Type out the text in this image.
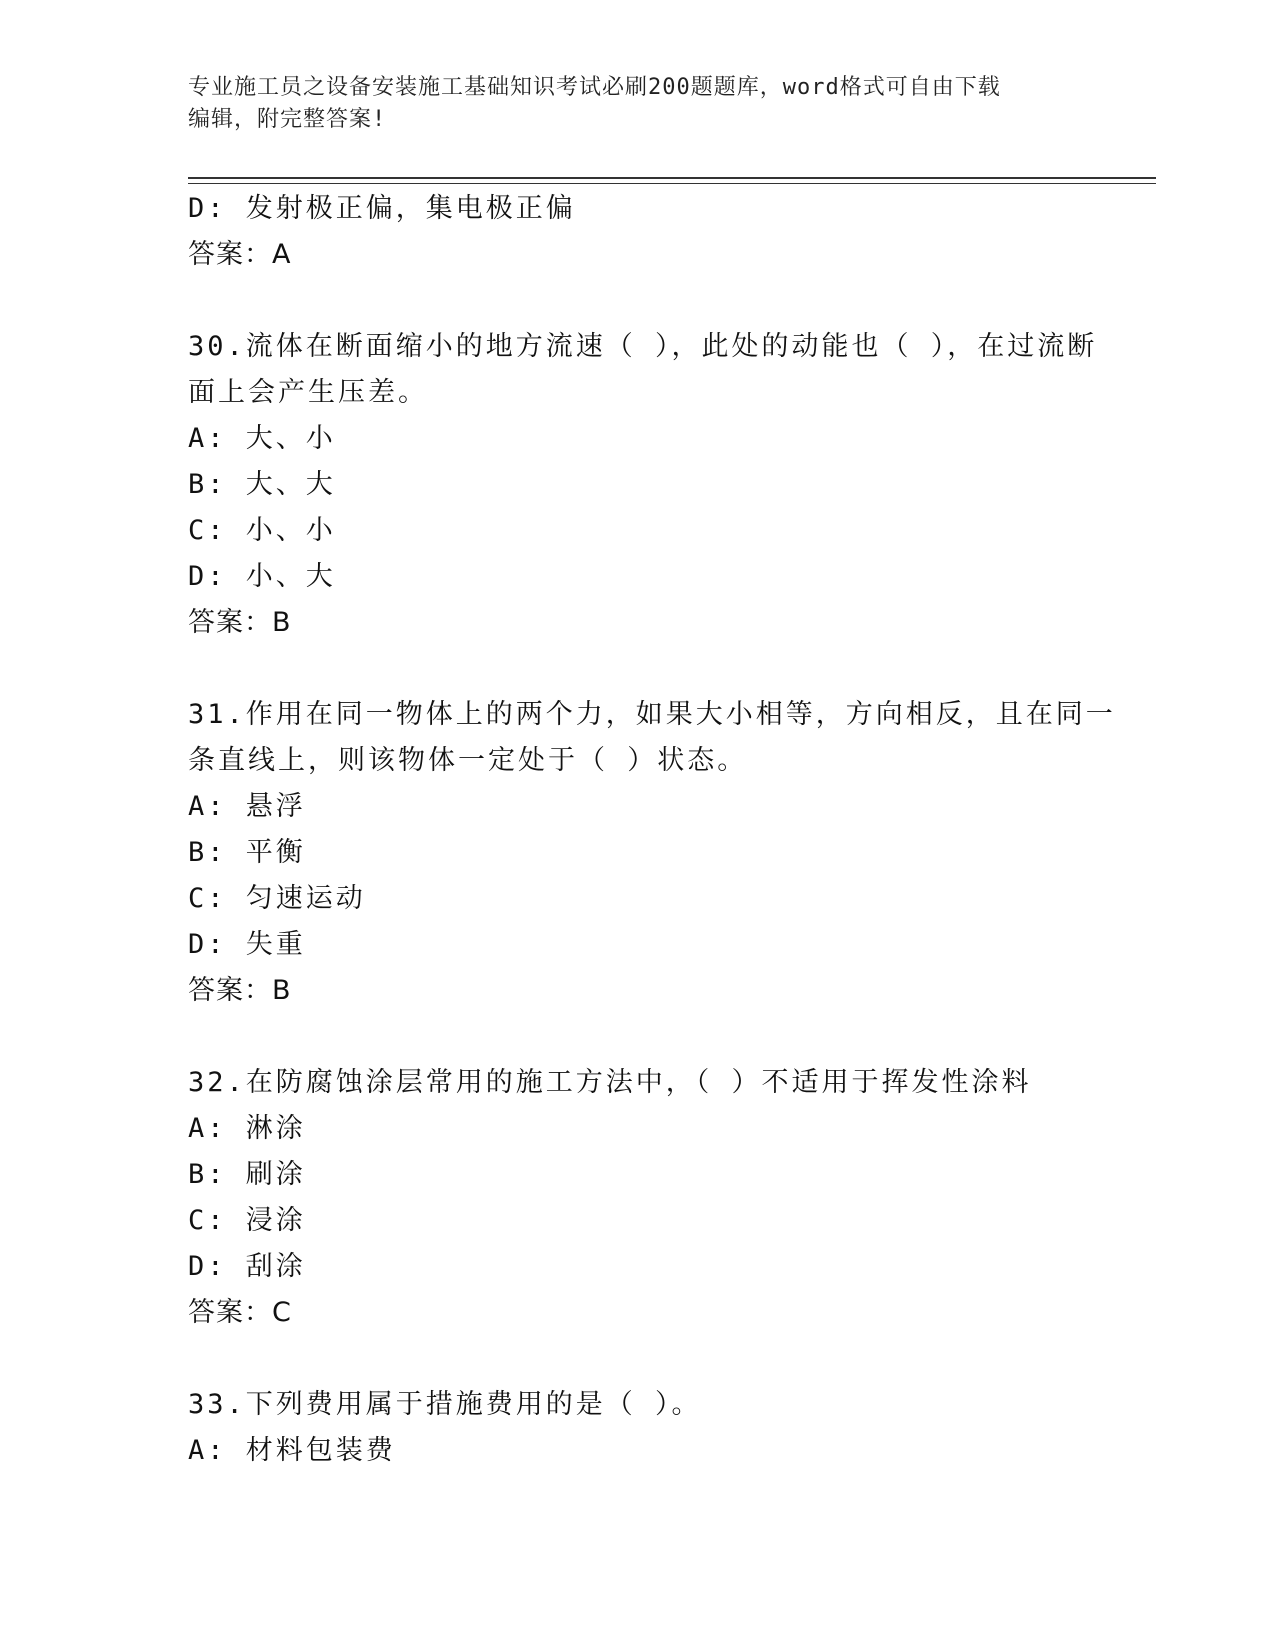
专业施工员之设备安装施工基础知识考试必刷200题题库，word格式可自由下载
编辑，附完整答案!
D: 发射极正偏，集电极正偏
答案：A
30.流体在断面缩小的地方流速（ ），此处的动能也（ ），在过流断
面上会产生压差。
A: 大、小
B: 大、大
C: 小、小
D: 小、大
答案：B
31.作用在同一物体上的两个力，如果大小相等，方向相反，且在同一
条直线上，则该物体一定处于（ ）状态。
A: 悬浮
B: 平衡
C: 匀速运动
D: 失重
答案：B
32.在防腐蚀涂层常用的施工方法中，（ ）不适用于挥发性涂料
A: 淋涂
B: 刷涂
C: 浸涂
D: 刮涂
答案：C
33.下列费用属于措施费用的是（ ）。
A: 材料包装费
